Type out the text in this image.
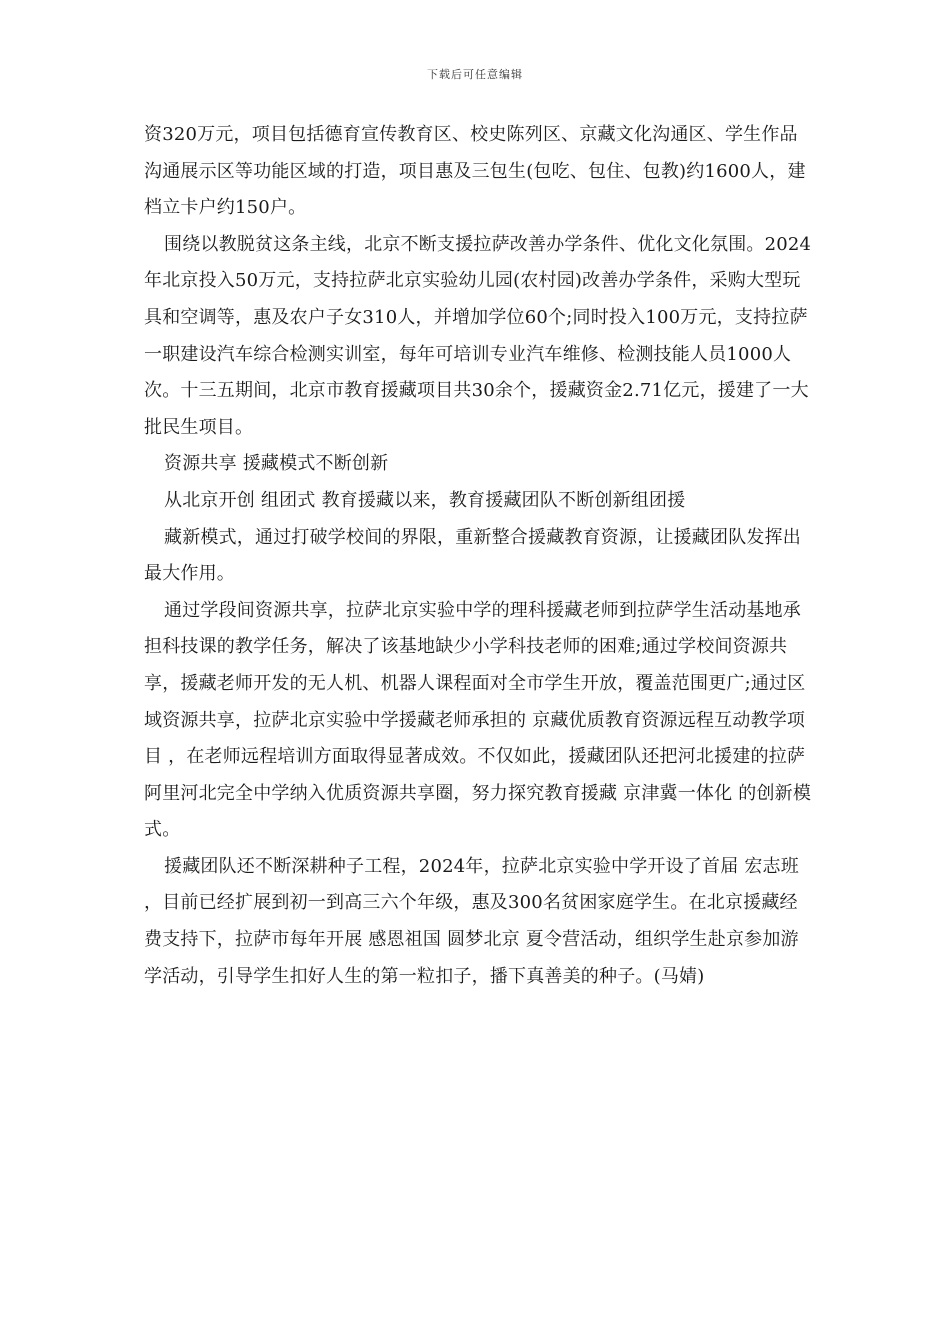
下载后可任意编辑

资320万元，项目包括德育宣传教育区、校史陈列区、京藏文化沟通区、学生作品沟通展示区等功能区域的打造，项目惠及三包生(包吃、包住、包教)约1600人，建档立卡户约150户。

围绕以教脱贫这条主线，北京不断支援拉萨改善办学条件、优化文化氛围。2024年北京投入50万元，支持拉萨北京实验幼儿园(农村园)改善办学条件，采购大型玩具和空调等，惠及农户子女310人，并增加学位60个;同时投入100万元，支持拉萨一职建设汽车综合检测实训室，每年可培训专业汽车维修、检测技能人员1000人次。十三五期间，北京市教育援藏项目共30余个，援藏资金2.71亿元，援建了一大批民生项目。

资源共享 援藏模式不断创新

从北京开创 组团式 教育援藏以来，教育援藏团队不断创新组团援

藏新模式，通过打破学校间的界限，重新整合援藏教育资源，让援藏团队发挥出最大作用。

通过学段间资源共享，拉萨北京实验中学的理科援藏老师到拉萨学生活动基地承担科技课的教学任务，解决了该基地缺少小学科技老师的困难;通过学校间资源共享，援藏老师开发的无人机、机器人课程面对全市学生开放，覆盖范围更广;通过区域资源共享，拉萨北京实验中学援藏老师承担的 京藏优质教育资源远程互动教学项目 ，在老师远程培训方面取得显著成效。不仅如此，援藏团队还把河北援建的拉萨阿里河北完全中学纳入优质资源共享圈，努力探究教育援藏 京津冀一体化 的创新模式。

援藏团队还不断深耕种子工程，2024年，拉萨北京实验中学开设了首届 宏志班 ，目前已经扩展到初一到高三六个年级，惠及300名贫困家庭学生。在北京援藏经费支持下，拉萨市每年开展 感恩祖国 圆梦北京 夏令营活动，组织学生赴京参加游学活动，引导学生扣好人生的第一粒扣子，播下真善美的种子。(马婧)
